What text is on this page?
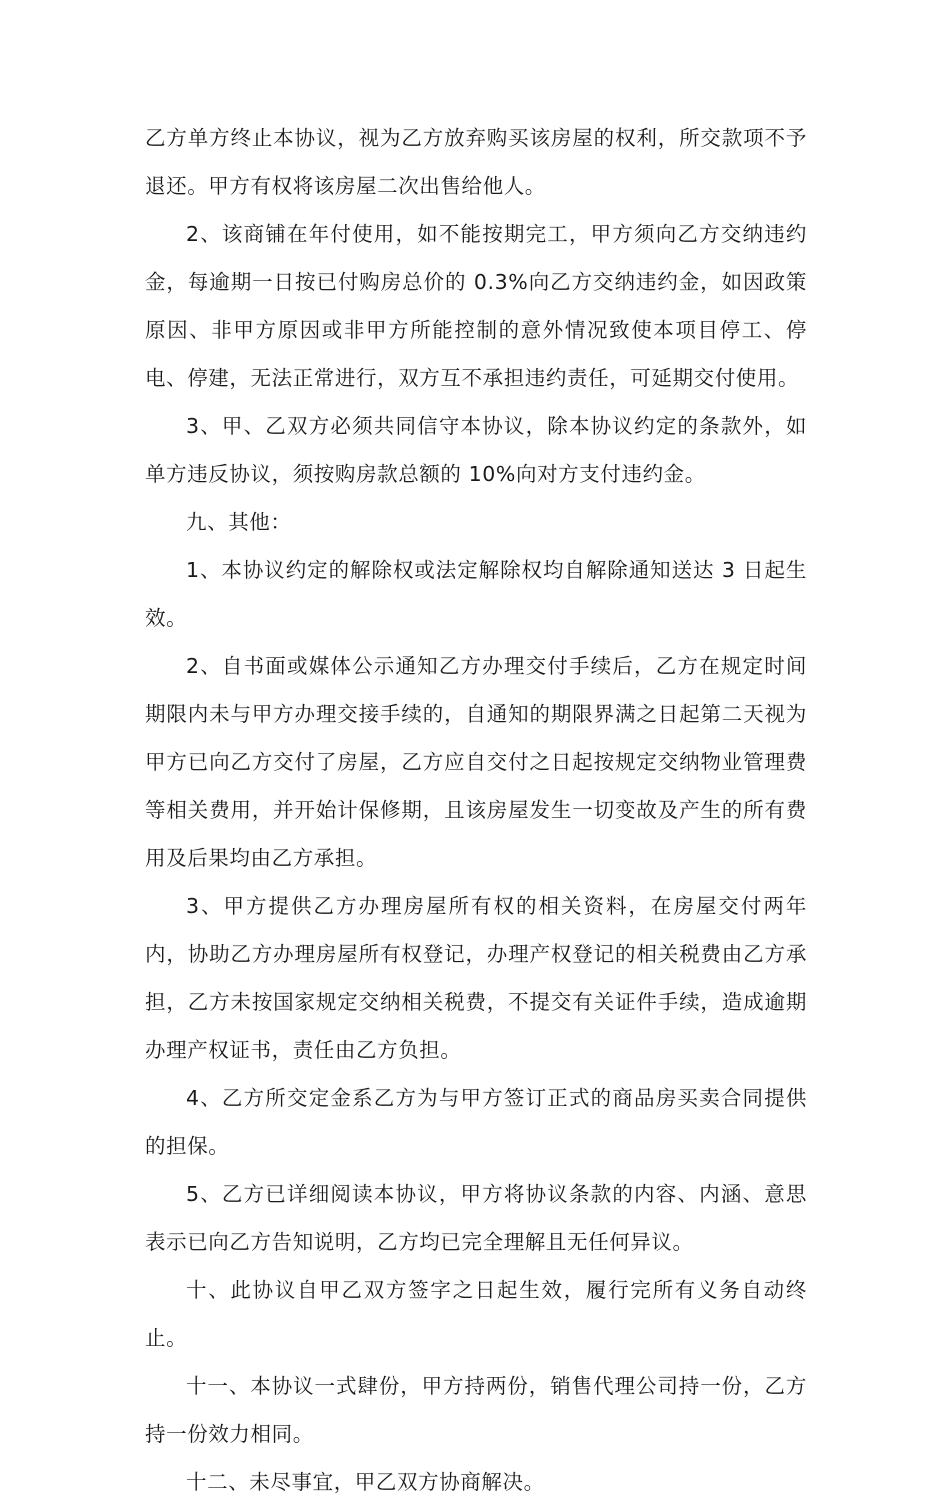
乙方单方终止本协议，视为乙方放弃购买该房屋的权利，所交款项不予退还。甲方有权将该房屋二次出售给他人。

2、该商铺在年付使用，如不能按期完工，甲方须向乙方交纳违约金，每逾期一日按已付购房总价的 0.3%向乙方交纳违约金，如因政策原因、非甲方原因或非甲方所能控制的意外情况致使本项目停工、停电、停建，无法正常进行，双方互不承担违约责任，可延期交付使用。

3、甲、乙双方必须共同信守本协议，除本协议约定的条款外，如单方违反协议，须按购房款总额的 10%向对方支付违约金。

九、其他：

1、本协议约定的解除权或法定解除权均自解除通知送达 3 日起生效。

2、自书面或媒体公示通知乙方办理交付手续后，乙方在规定时间期限内未与甲方办理交接手续的，自通知的期限界满之日起第二天视为甲方已向乙方交付了房屋，乙方应自交付之日起按规定交纳物业管理费等相关费用，并开始计保修期，且该房屋发生一切变故及产生的所有费用及后果均由乙方承担。

3、甲方提供乙方办理房屋所有权的相关资料，在房屋交付两年内，协助乙方办理房屋所有权登记，办理产权登记的相关税费由乙方承担，乙方未按国家规定交纳相关税费，不提交有关证件手续，造成逾期办理产权证书，责任由乙方负担。

4、乙方所交定金系乙方为与甲方签订正式的商品房买卖合同提供的担保。

5、乙方已详细阅读本协议，甲方将协议条款的内容、内涵、意思表示已向乙方告知说明，乙方均已完全理解且无任何异议。

十、此协议自甲乙双方签字之日起生效，履行完所有义务自动终止。

十一、本协议一式肆份，甲方持两份，销售代理公司持一份，乙方持一份效力相同。

十二、未尽事宜，甲乙双方协商解决。
